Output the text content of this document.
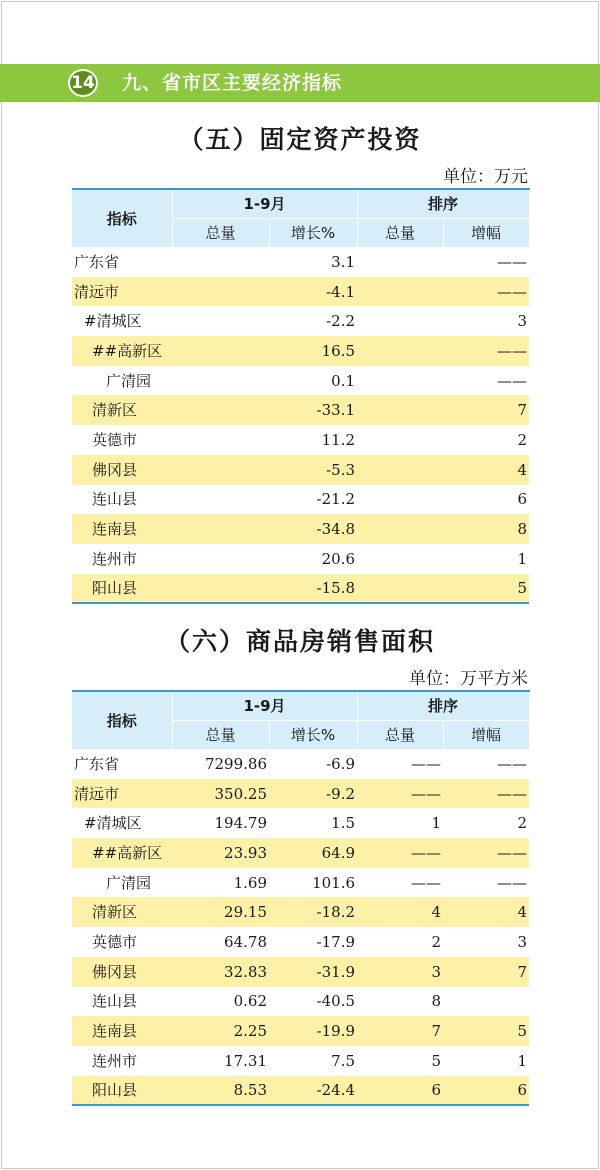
14 九、省市区主要经济指标
（五）固定资产投资
单位：万元
指标	1-9月		排序	
	总量	增长%	总量	增幅
广东省		3.1		——
清远市		-4.1		——
#清城区		-2.2		3
##高新区		16.5		——
广清园		0.1		——
清新区		-33.1		7
英德市		11.2		2
佛冈县		-5.3		4
连山县		-21.2		6
连南县		-34.8		8
连州市		20.6		1
阳山县		-15.8		5
（六）商品房销售面积
单位：万平方米
指标	1-9月		排序	
	总量	增长%	总量	增幅
广东省	7299.86	-6.9	——	——
清远市	350.25	-9.2	——	——
#清城区	194.79	1.5	1	2
##高新区	23.93	64.9	——	——
广清园	1.69	101.6	——	——
清新区	29.15	-18.2	4	4
英德市	64.78	-17.9	2	3
佛冈县	32.83	-31.9	3	7
连山县	0.62	-40.5	8	
连南县	2.25	-19.9	7	5
连州市	17.31	7.5	5	1
阳山县	8.53	-24.4	6	6
